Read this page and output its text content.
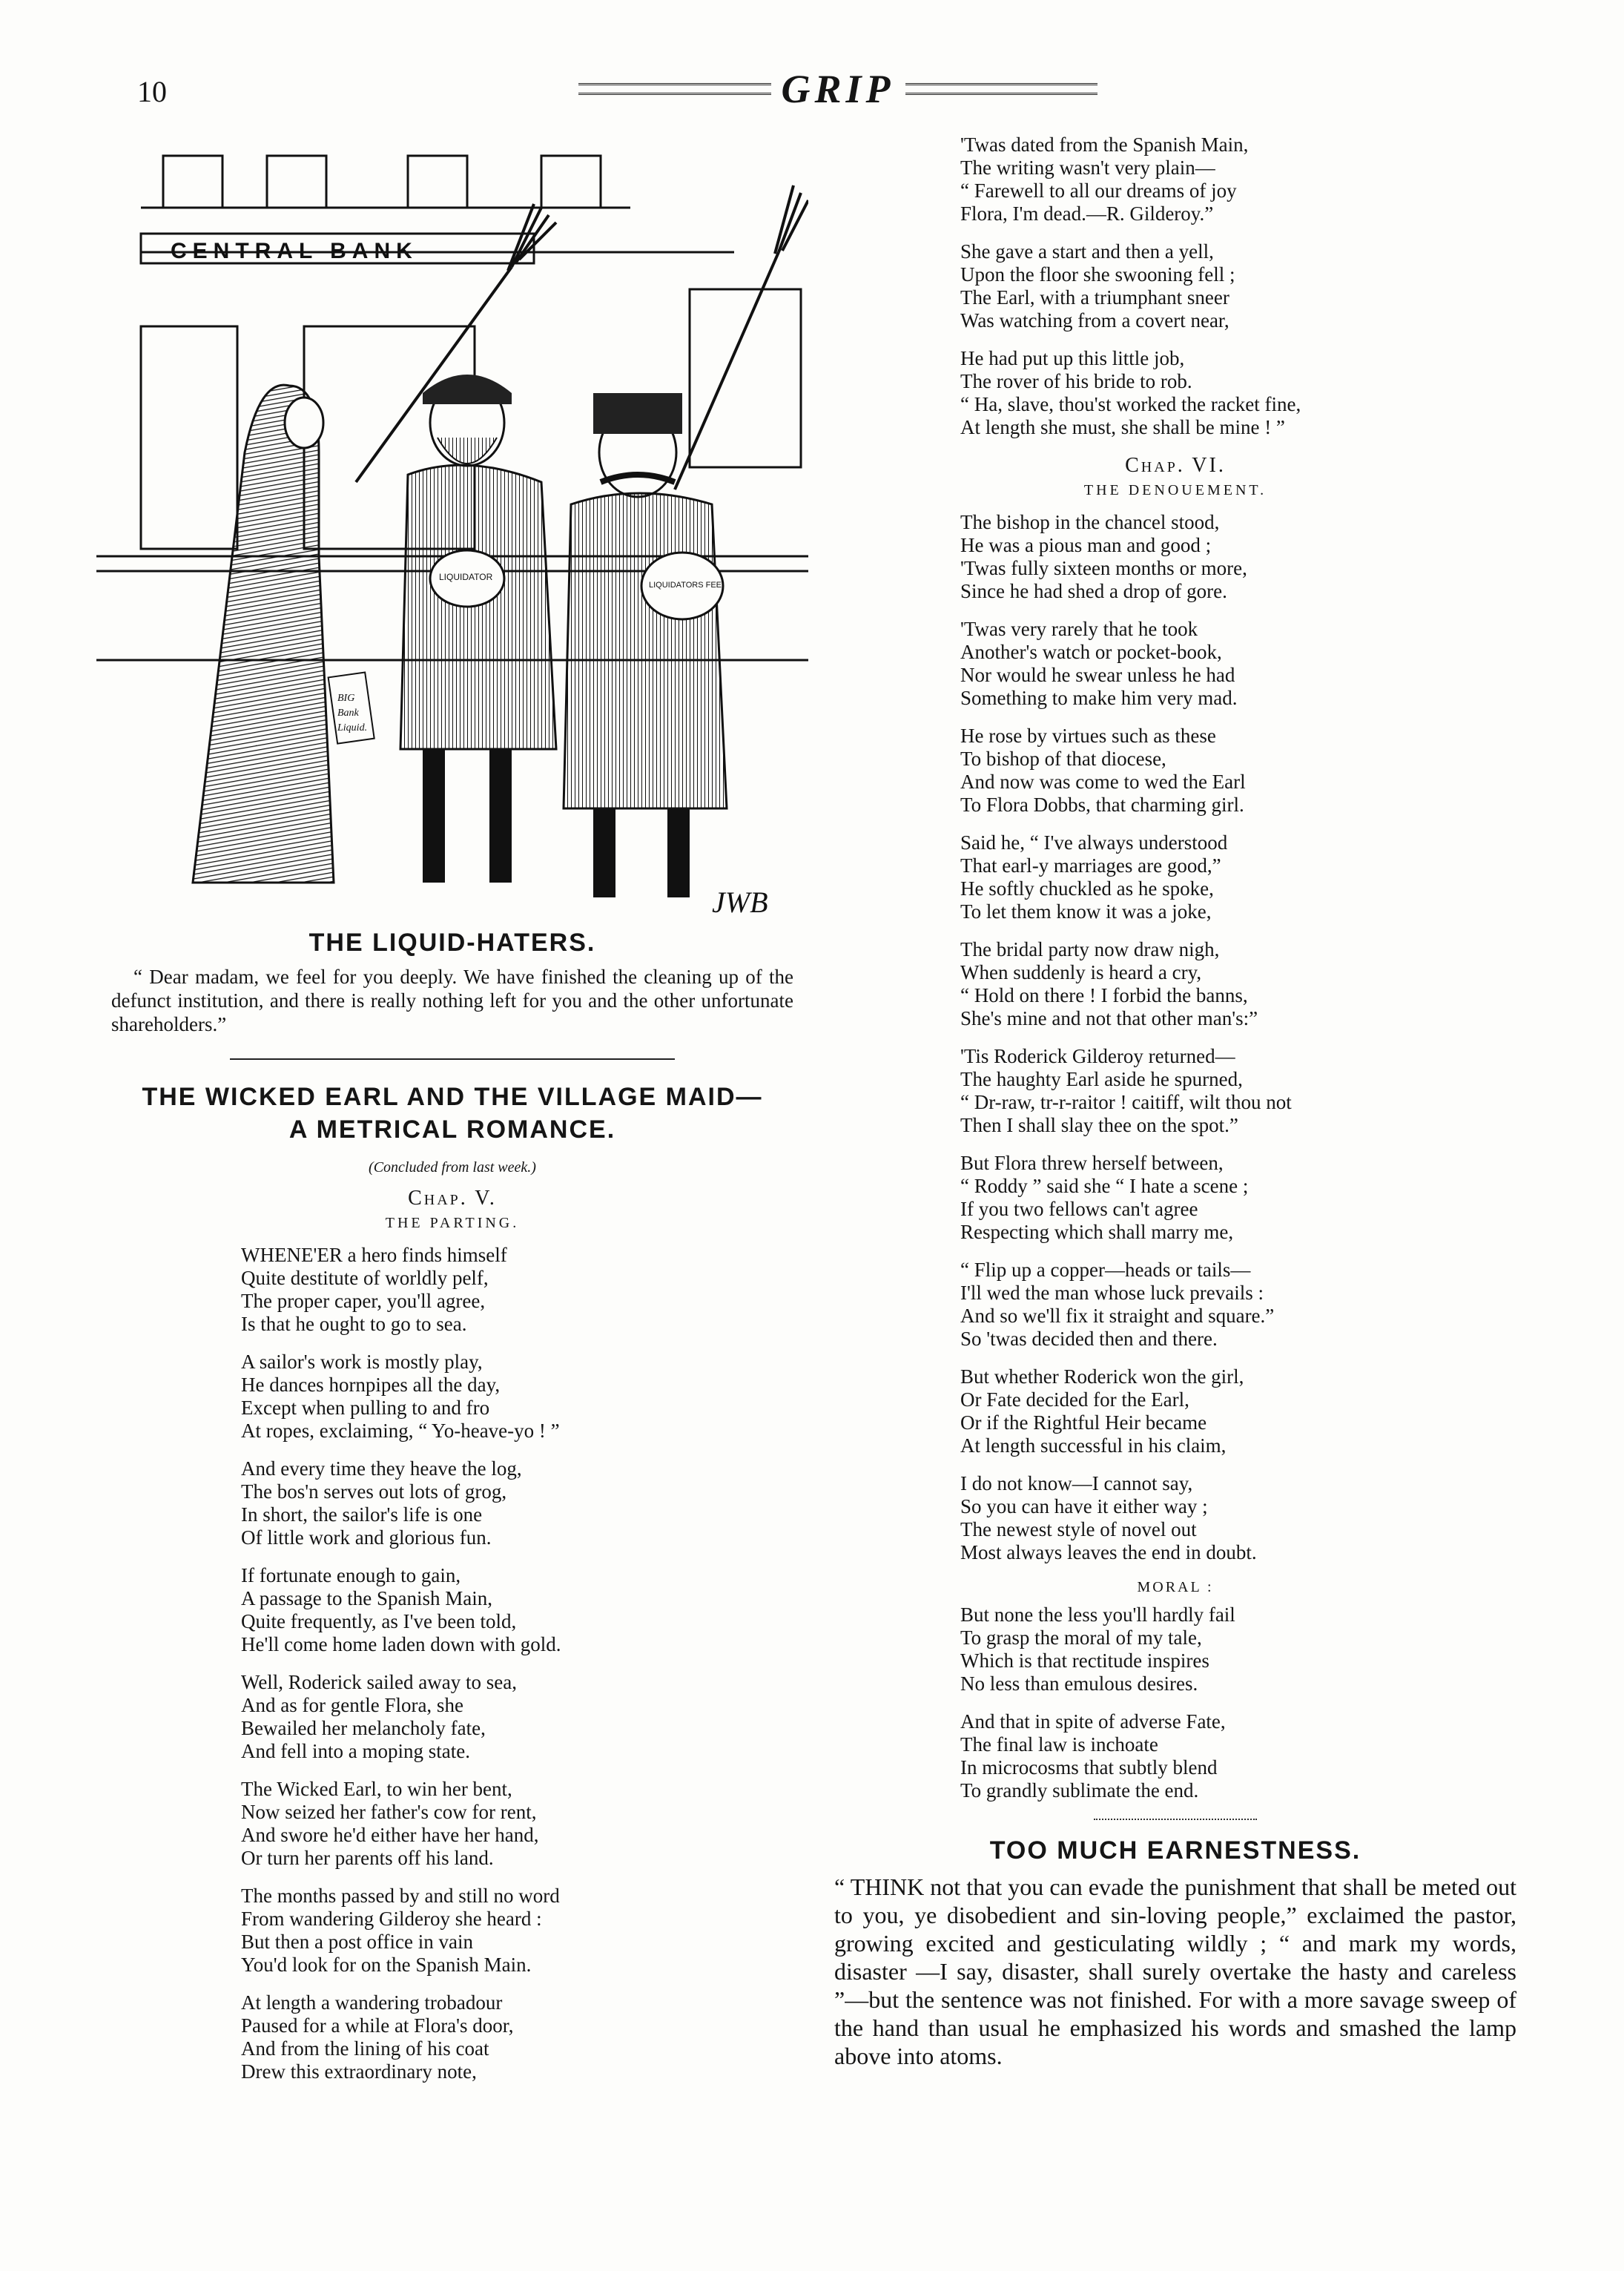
10	GRIP
CENTRAL BANK
BIG
Bank
Liquid.
LIQUIDATOR
LIQUIDATORS FEE
JWB
THE LIQUID-HATERS.

“ Dear madam, we feel for you deeply. We have finished the cleaning up of the defunct institution, and there is really nothing left for you and the other unfortunate shareholders.”

THE WICKED EARL AND THE VILLAGE MAID—

A METRICAL ROMANCE.

(Concluded from last week.)
Chap. V.
THE PARTING.
WHENE'ER a hero finds himself
Quite destitute of worldly pelf,
The proper caper, you'll agree,
Is that he ought to go to sea.
A sailor's work is mostly play,
He dances hornpipes all the day,
Except when pulling to and fro
At ropes, exclaiming, “ Yo-heave-yo ! ”
And every time they heave the log,
The bos'n serves out lots of grog,
In short, the sailor's life is one
Of little work and glorious fun.
If fortunate enough to gain,
A passage to the Spanish Main,
Quite frequently, as I've been told,
He'll come home laden down with gold.
Well, Roderick sailed away to sea,
And as for gentle Flora, she
Bewailed her melancholy fate,
And fell into a moping state.
The Wicked Earl, to win her bent,
Now seized her father's cow for rent,
And swore he'd either have her hand,
Or turn her parents off his land.
The months passed by and still no word
From wandering Gilderoy she heard :
But then a post office in vain
You'd look for on the Spanish Main.
At length a wandering trobadour
Paused for a while at Flora's door,
And from the lining of his coat
Drew this extraordinary note,
'Twas dated from the Spanish Main,
The writing wasn't very plain—
“ Farewell to all our dreams of joy
Flora, I'm dead.—R. Gilderoy.”
She gave a start and then a yell,
Upon the floor she swooning fell ;
The Earl, with a triumphant sneer
Was watching from a covert near,
He had put up this little job,
The rover of his bride to rob.
“ Ha, slave, thou'st worked the racket fine,
At length she must, she shall be mine ! ”
Chap. VI.
THE DENOUEMENT.
The bishop in the chancel stood,
He was a pious man and good ;
'Twas fully sixteen months or more,
Since he had shed a drop of gore.
'Twas very rarely that he took
Another's watch or pocket-book,
Nor would he swear unless he had
Something to make him very mad.
He rose by virtues such as these
To bishop of that diocese,
And now was come to wed the Earl
To Flora Dobbs, that charming girl.
Said he, “ I've always understood
That earl-y marriages are good,”
He softly chuckled as he spoke,
To let them know it was a joke,
The bridal party now draw nigh,
When suddenly is heard a cry,
“ Hold on there ! I forbid the banns,
She's mine and not that other man's:”
'Tis Roderick Gilderoy returned—
The haughty Earl aside he spurned,
“ Dr-raw, tr-r-raitor ! caitiff, wilt thou not
Then I shall slay thee on the spot.”
But Flora threw herself between,
“ Roddy ” said she “ I hate a scene ;
If you two fellows can't agree
Respecting which shall marry me,
“ Flip up a copper—heads or tails—
I'll wed the man whose luck prevails :
And so we'll fix it straight and square.”
So 'twas decided then and there.
But whether Roderick won the girl,
Or Fate decided for the Earl,
Or if the Rightful Heir became
At length successful in his claim,
I do not know—I cannot say,
So you can have it either way ;
The newest style of novel out
Most always leaves the end in doubt.
MORAL :
But none the less you'll hardly fail
To grasp the moral of my tale,
Which is that rectitude inspires
No less than emulous desires.
And that in spite of adverse Fate,
The final law is inchoate
In microcosms that subtly blend
To grandly sublimate the end.
TOO MUCH EARNESTNESS.

“ THINK not that you can evade the punishment that shall be meted out to you, ye disobedient and sin-loving people,” exclaimed the pastor, growing excited and gesticulating wildly ; “ and mark my words, disaster —I say, disaster, shall surely overtake the hasty and careless ”—but the sentence was not finished. For with a more savage sweep of the hand than usual he emphasized his words and smashed the lamp above into atoms.
